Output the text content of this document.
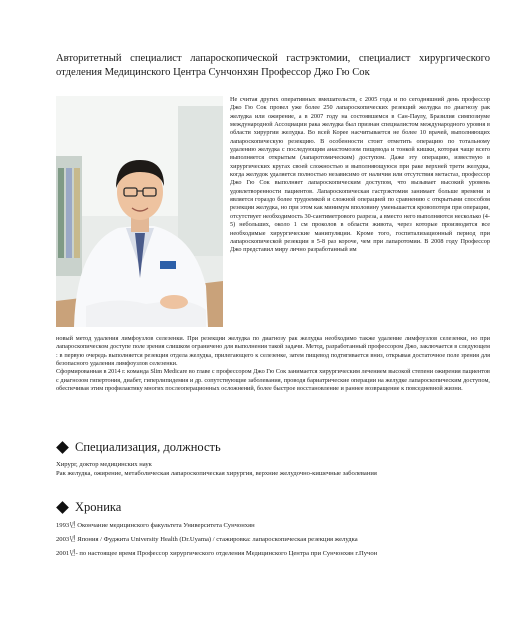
Авторитетный специалист лапароскопической гастрэктомии, специалист хирургического отделения Медицинского Центра Сунчонхян Профессор Джо Гю Сок
Не считая других оперативных вмешательств, с 2005 года и по сегодняшний день профессор Джо Гю Сок провел уже более 250 лапароскопических резекций желудка по диагнозу рак желудка или ожирение, а в 2007 году на состоявшемся в Сан-Паулу, Бразилия симпозиуме международной Ассоциации рака желудка был признан специалистом международного уровня в области хирургии желудка. Во всей Корее насчитывается не более 10 врачей, выполняющих лапароскопическую резекцию. В особенности стоит отметить операцию по тотальному удалению желудка с последующим анастомозом пищевода и тонкой кишки, которая чаще всего выполняется открытым (лапаротомическим) доступом. Даже эту операцию, известную в хирургических кругах своей сложностью и выполняющуюся при раке верхней трети желудка, когда желудок удаляется полностью независимо от наличия или отсутствия метастаз, профессор Джо Гю Сок выполняет лапароскопическим доступом, что вызывает высокий уровень удовлетворенности пациентов. Лапароскопическая гастрэктомия занимает больше времени и является гораздо более трудоемкой и сложной операцией по сравнению с открытыми способом резекции желудка, но при этом как минимум вполовину уменьшается кровопотеря при операции, отсутствует необходимость 30-сантиметрового разреза, а вместо него выполняются несколько (4-5) небольших, около 1 см проколов в области живота, через которые производятся все необходимые хирургические манипуляции. Кроме того, госпитализационный период при лапароскопической резекции в 5-8 раз короче, чем при лапаротомии. В 2008 году Профессор Джо представил миру лично разработанный им

новый метод удаления лимфоузлов селезенки. При резекции желудка по диагнозу рак желудка необходимо также удаление лимфоузлов селезенки, но при лапароскопическом доступе поле зрения слишком ограничено для выполнения такой задачи. Метод, разработанный профессором Джо, заключается в следующем : в первую очередь выполняется резекция отдела желудка, прилегающего к селезенке, затем пищевод подтягивается вниз, открывая достаточное поле зрения для безопасного удаления лимфоузлов селезенки.

Сформированная в 2014 г. команда Slim Medicare во главе с профессором Джо Гю Сок занимается хирургическим лечением высокой степени ожирения пациентов с диагнозом гипертония, диабет, гиперлипидемия и др. сопутствующие заболевания, проводя бариатрические операции на желудке лапароскопическим доступом, обеспечивая этим профилактику многих послеоперационных осложнений, более быстрое восстановление и раннее возвращение к повседневной жизни.

Специализация, должность
Хирург, доктор медицинских наук
Рак желудка, ожирение, метаболическая лапароскопическая хирургия, верхние желудочно-кишечные заболевания
Хроника
1993년 Окончание медицинского факультета Университета Сунчонхян
2003년 Япония / Фуджита University Health (Dr.Uyama) / стажировка: лапароскопическая резекция желудка
2001년- по настоящее время Профессор хирургического отделения Медицинского Центра при Сунчонхян г.Пучон
